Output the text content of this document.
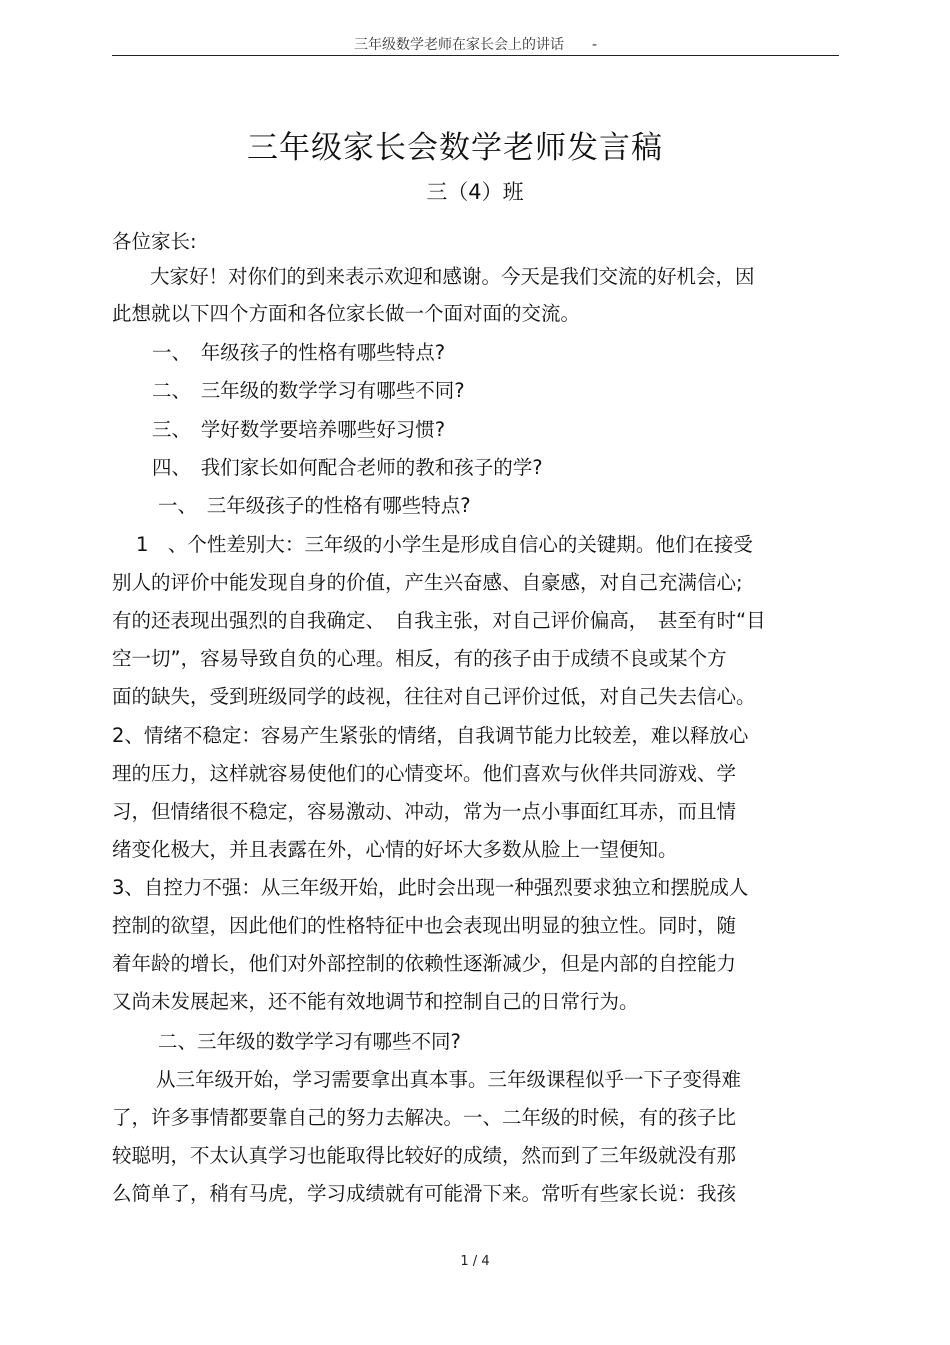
三年级数学老师在家长会上的讲话　　-
三年级家长会数学老师发言稿
三（4）班
各位家长:
大家好！对你们的到来表示欢迎和感谢。今天是我们交流的好机会，因
此想就以下四个方面和各位家长做一个面对面的交流。
一、　年级孩子的性格有哪些特点?
二、　三年级的数学学习有哪些不同?
三、　学好数学要培养哪些好习惯?
四、　我们家长如何配合老师的教和孩子的学?
一、　三年级孩子的性格有哪些特点?
1　、个性差别大：三年级的小学生是形成自信心的关键期。他们在接受
别人的评价中能发现自身的价值，产生兴奋感、自豪感，对自己充满信心;
有的还表现出强烈的自我确定、　自我主张，对自己评价偏高，　甚至有时“目
空一切”，容易导致自负的心理。相反，有的孩子由于成绩不良或某个方
面的缺失，受到班级同学的歧视，往往对自己评价过低，对自己失去信心。
2、情绪不稳定：容易产生紧张的情绪，自我调节能力比较差，难以释放心
理的压力，这样就容易使他们的心情变坏。他们喜欢与伙伴共同游戏、学
习，但情绪很不稳定，容易激动、冲动，常为一点小事面红耳赤，而且情
绪变化极大，并且表露在外，心情的好坏大多数从脸上一望便知。
3、自控力不强：从三年级开始，此时会出现一种强烈要求独立和摆脱成人
控制的欲望，因此他们的性格特征中也会表现出明显的独立性。同时，随
着年龄的增长，他们对外部控制的依赖性逐渐减少，但是内部的自控能力
又尚未发展起来，还不能有效地调节和控制自己的日常行为。
二、三年级的数学学习有哪些不同?
从三年级开始，学习需要拿出真本事。三年级课程似乎一下子变得难
了，许多事情都要靠自己的努力去解决。一、二年级的时候，有的孩子比
较聪明，不太认真学习也能取得比较好的成绩，然而到了三年级就没有那
么简单了，稍有马虎，学习成绩就有可能滑下来。常听有些家长说：我孩
1 / 4
